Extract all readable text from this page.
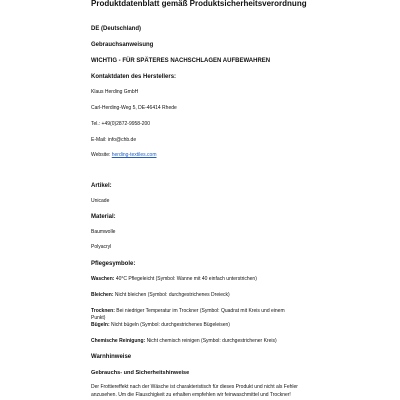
Produktdatenblatt gemäß Produktsicherheitsverordnung
DE (Deutschland)
Gebrauchsanweisung
WICHTIG - FÜR SPÄTERES NACHSCHLAGEN AUFBEWAHREN
Kontaktdaten des Herstellers:
Klaus Herding GmbH
Carl-Herding-Weg 5, DE-46414 Rhede
Tel.: +49(0)2872-9958-200
E-Mail: info@chb.de
Website: herding-textiles.com
Artikel:
Unicade
Material:
Baumwolle
Polyacryl
Pflegesymbole:
Waschen: 40°C Pflegeleicht (Symbol: Wanne mit 40 einfach unterstrichen)
Bleichen: Nicht bleichen (Symbol: durchgestrichenes Dreieck)
Trocknen: Bei niedriger Temperatur im Trockner (Symbol: Quadrat mit Kreis und einem
Punkt)
Bügeln: Nicht bügeln (Symbol: durchgestrichenes Bügeleisen)
Chemische Reinigung: Nicht chemisch reinigen (Symbol: durchgestrichener Kreis)
Warnhinweise
Gebrauchs- und Sicherheitshinweise
Der Frottiereffekt nach der Wäsche ist charakteristisch für dieses Produkt und nicht als Fehler
anzusehen. Um die Flauschigkeit zu erhalten empfehlen wir feinwaschmittel und Trockner!
